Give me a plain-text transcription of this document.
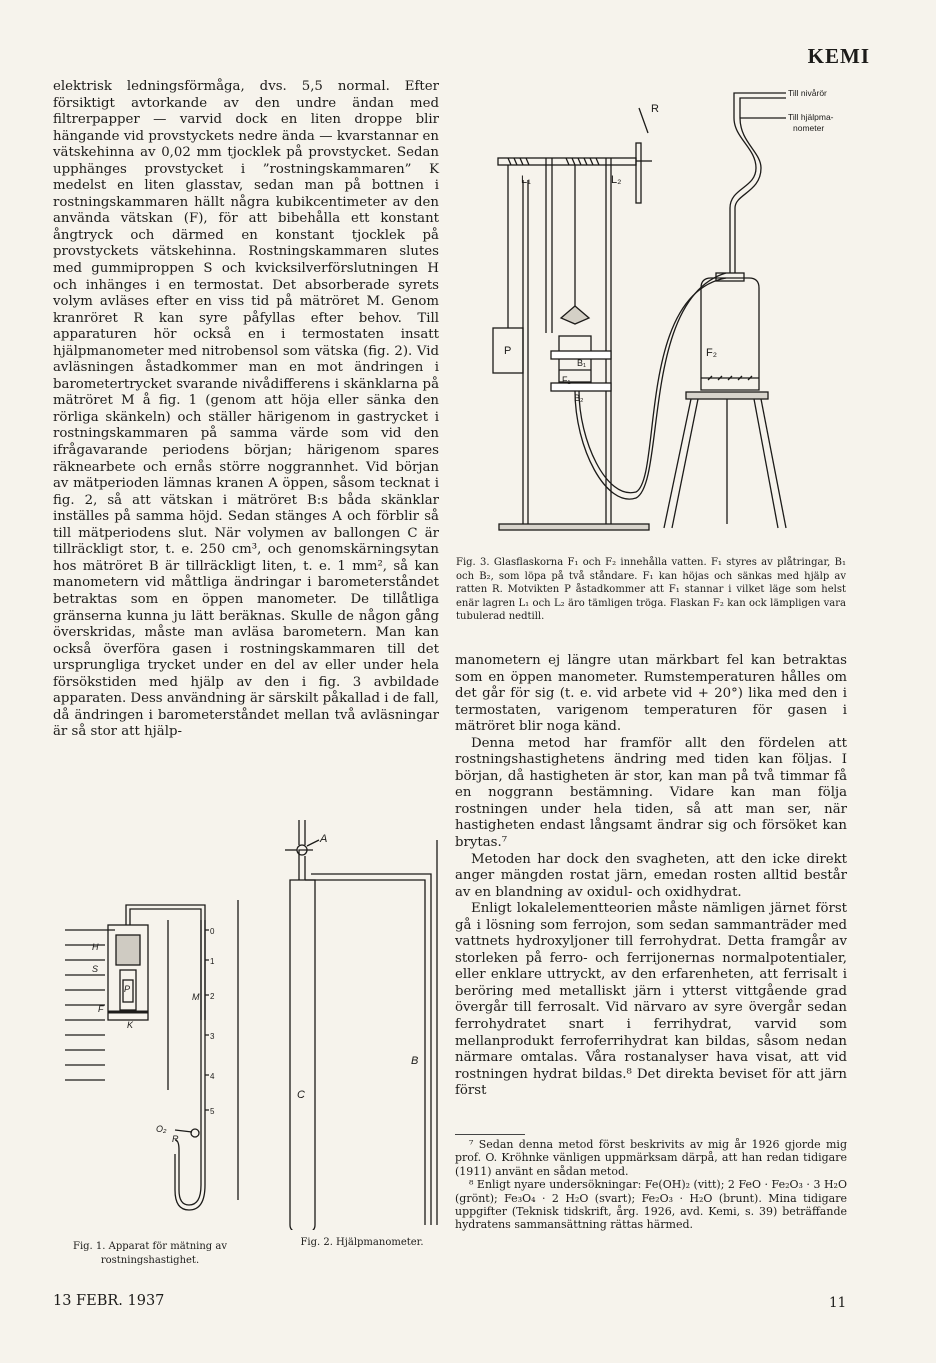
KEMI

elektrisk ledningsförmåga, dvs. 5,5 normal. Efter försiktigt avtorkande av den undre ändan med filtrerpapper — varvid dock en liten droppe blir hängande vid provstyckets nedre ända — kvarstannar en vätskehinna av 0,02 mm tjocklek på provstycket. Sedan upphänges provstycket i ”rostningskammaren” K medelst en liten glasstav, sedan man på bottnen i rostningskammaren hällt några kubikcentimeter av den använda vätskan (F), för att bibehålla ett konstant ångtryck och därmed en konstant tjocklek på provstyckets vätskehinna. Rostningskammaren slutes med gummiproppen S och kvicksilverförslutningen H och inhänges i en termostat. Det absorberade syrets volym avläses efter en viss tid på mätröret M. Genom kranröret R kan syre påfyllas efter behov. Till apparaturen hör också en i termostaten insatt hjälpmanometer med nitrobensol som vätska (fig. 2). Vid avläsningen åstadkommer man en mot ändringen i barometertrycket svarande nivådifferens i skänklarna på mätröret M å fig. 1 (genom att höja eller sänka den rörliga skänkeln) och ställer härigenom in gastrycket i rostningskammaren på samma värde som vid den ifrågavarande periodens början; härigenom spares räknearbete och ernås större noggrannhet. Vid början av mätperioden lämnas kranen A öppen, såsom tecknat i fig. 2, så att vätskan i mätröret B:s båda skänklar inställes på samma höjd. Sedan stänges A och förblir så till mätperiodens slut. När volymen av ballongen C är tillräckligt stor, t. e. 250 cm³, och genomskärningsytan hos mätröret B är tillräckligt liten, t. e. 1 mm², så kan manometern vid måttliga ändringar i barometerståndet betraktas som en öppen manometer. De tillåtliga gränserna kunna ju lätt beräknas. Skulle de någon gång överskridas, måste man avläsa barometern. Man kan också överföra gasen i rostningskammaren till det ursprungliga trycket under en del av eller under hela försökstiden med hjälp av den i fig. 3 avbildade apparaten. Dess användning är särskilt påkallad i de fall, då ändringen i barometerståndet mellan två avläsningar är så stor att hjälp-

R
L₁	L₂
P
B₁
F₁
B₂
F₂
Till nivårör
Till hjälpma-
nometer
Fig. 3. Glasflaskorna F₁ och F₂ innehålla vatten. F₁ styres av plåtringar, B₁ och B₂, som löpa på två ståndare. F₁ kan höjas och sänkas med hjälp av ratten R. Motvikten P åstadkommer att F₁ stannar i vilket läge som helst enär lagren L₁ och L₂ äro tämligen tröga. Flaskan F₂ kan ock lämpligen vara tubulerad nedtill.

manometern ej längre utan märkbart fel kan betraktas som en öppen manometer. Rumstemperaturen hålles om det går för sig (t. e. vid arbete vid + 20°) lika med den i termostaten, varigenom temperaturen för gasen i mätröret blir noga känd.

Denna metod har framför allt den fördelen att rostningshastighetens ändring med tiden kan följas. I början, då hastigheten är stor, kan man på två timmar få en noggrann bestämning. Vidare kan man följa rostningen under hela tiden, så att man ser, när hastigheten endast långsamt ändrar sig och försöket kan brytas.⁷

Metoden har dock den svagheten, att den icke direkt anger mängden rostat järn, emedan rosten alltid består av en blandning av oxidul- och oxidhydrat.

Enligt lokalelementteorien måste nämligen järnet först gå i lösning som ferrojon, som sedan sammanträder med vattnets hydroxyljoner till ferrohydrat. Detta framgår av storleken på ferro- och ferrijonernas normalpotentialer, eller enklare uttryckt, av den erfarenheten, att ferrisalt i beröring med metalliskt järn i ytterst vittgående grad övergår till ferrosalt. Vid närvaro av syre övergår sedan ferrohydratet snart i ferrihydrat, varvid som mellanprodukt ferroferrihydrat kan bildas, såsom nedan närmare omtalas. Våra rostanalyser hava visat, att vid rostningen hydrat bildas.⁸ Det direkta beviset för att järn först

H
S
F
K
P
M
O₂
R
0
1
2
3
4
5
A
B
C
Fig. 1. Apparat för mätning av
rostningshastighet.
Fig. 2. Hjälpmanometer.

⁷ Sedan denna metod först beskrivits av mig år 1926 gjorde mig prof. O. Kröhnke vänligen uppmärksam därpå, att han redan tidigare (1911) använt en sådan metod.

⁸ Enligt nyare undersökningar: Fe(OH)₂ (vitt); 2 FeO · Fe₂O₃ · 3 H₂O (grönt); Fe₃O₄ · 2 H₂O (svart); Fe₂O₃ · H₂O (brunt). Mina tidigare uppgifter (Teknisk tidskrift, årg. 1926, avd. Kemi, s. 39) beträffande hydratens sammansättning rättas härmed.

13 FEBR. 1937	11
